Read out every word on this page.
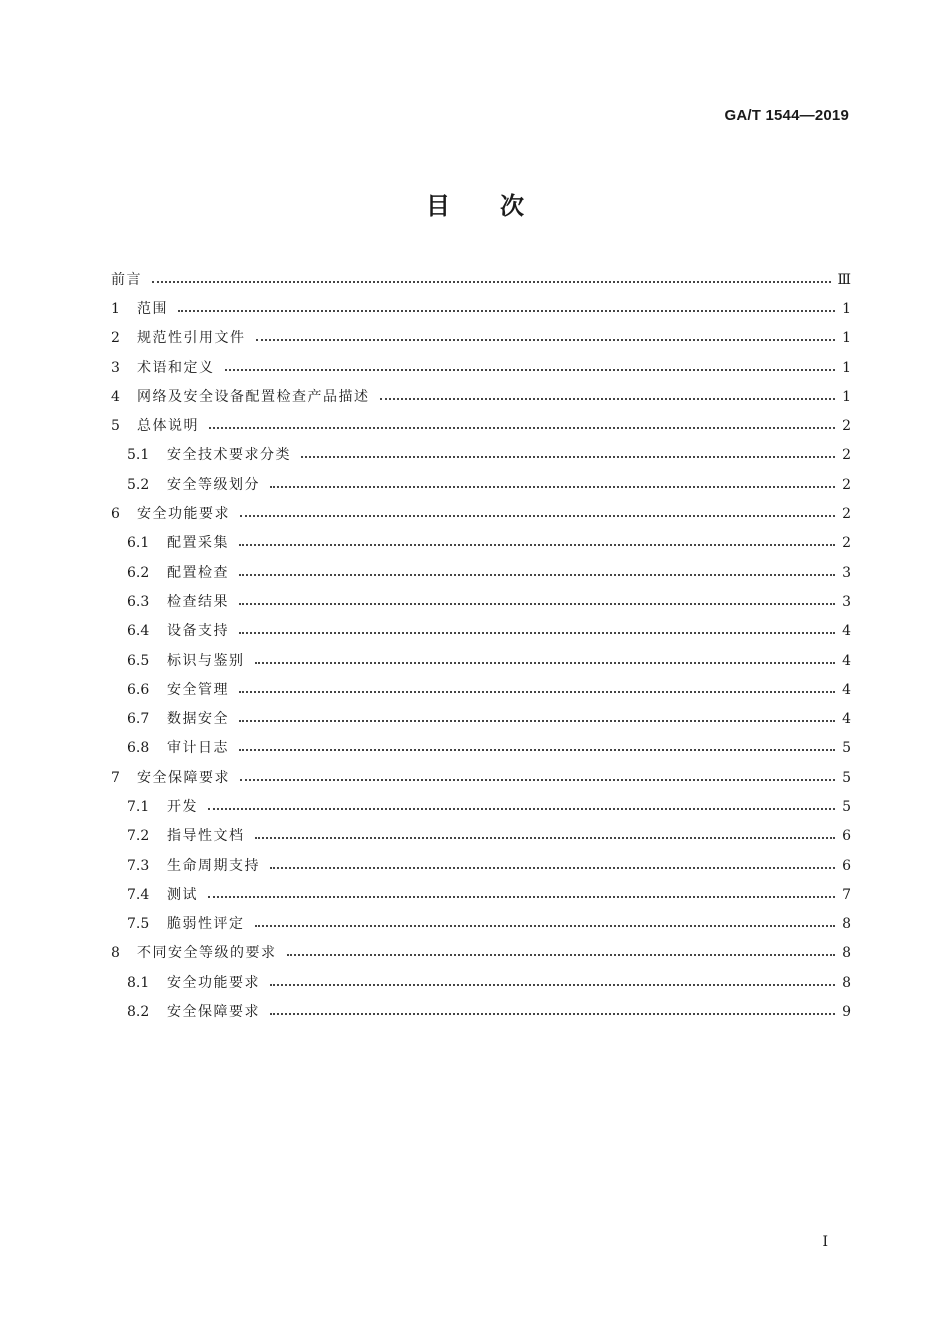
GA/T 1544—2019
目次
前言	Ⅲ
1	范围	1
2	规范性引用文件	1
3	术语和定义	1
4	网络及安全设备配置检查产品描述	1
5	总体说明	2
5.1	安全技术要求分类	2
5.2	安全等级划分	2
6	安全功能要求	2
6.1	配置采集	2
6.2	配置检查	3
6.3	检查结果	3
6.4	设备支持	4
6.5	标识与鉴别	4
6.6	安全管理	4
6.7	数据安全	4
6.8	审计日志	5
7	安全保障要求	5
7.1	开发	5
7.2	指导性文档	6
7.3	生命周期支持	6
7.4	测试	7
7.5	脆弱性评定	8
8	不同安全等级的要求	8
8.1	安全功能要求	8
8.2	安全保障要求	9
I
